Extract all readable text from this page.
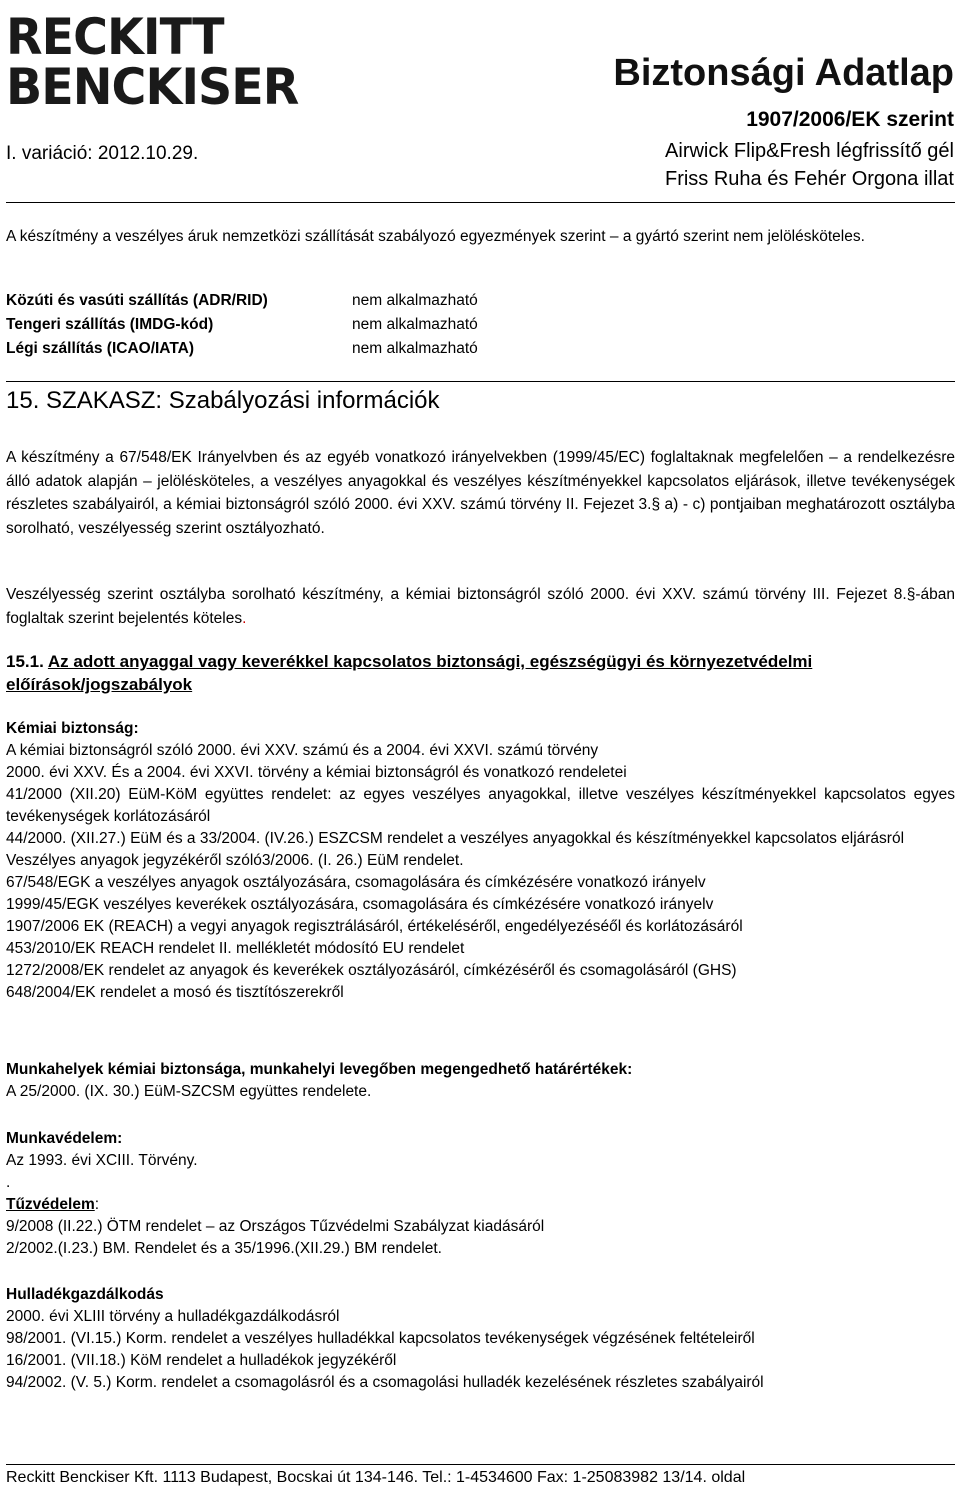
RECKITT
BENCKISER	Biztonsági Adatlap
1907/2006/EK szerint
I. variáció: 2012.10.29.	Airwick Flip&Fresh légfrissítő gél
Friss Ruha és Fehér Orgona illat

A készítmény a veszélyes áruk nemzetközi szállítását szabályozó egyezmények szerint – a gyártó szerint nem jelölésköteles.

Közúti és vasúti szállítás (ADR/RID)	nem alkalmazható
Tengeri szállítás (IMDG-kód)	nem alkalmazható
Légi szállítás (ICAO/IATA)	nem alkalmazható
15. SZAKASZ: Szabályozási információk

A készítmény a 67/548/EK Irányelvben és az egyéb vonatkozó irányelvekben (1999/45/EC) foglaltaknak megfelelően – a rendelkezésre álló adatok alapján – jelölésköteles, a veszélyes anyagokkal és veszélyes készítményekkel kapcsolatos eljárások, illetve tevékenységek részletes szabályairól, a kémiai biztonságról szóló 2000. évi XXV. számú törvény II. Fejezet 3.§ a) - c) pontjaiban meghatározott osztályba sorolható, veszélyesség szerint osztályozható.

Veszélyesség szerint osztályba sorolható készítmény, a kémiai biztonságról szóló 2000. évi XXV. számú törvény III. Fejezet 8.§-ában foglaltak szerint bejelentés köteles.

15.1. Az adott anyaggal vagy keverékkel kapcsolatos biztonsági, egészségügyi és környezetvédelmi előírások/jogszabályok
Kémiai biztonság:
A kémiai biztonságról szóló 2000. évi XXV. számú és a 2004. évi XXVI. számú törvény
2000. évi XXV. És a 2004. évi XXVI. törvény a kémiai biztonságról és vonatkozó rendeletei
41/2000 (XII.20) EüM-KöM együttes rendelet: az egyes veszélyes anyagokkal, illetve veszélyes készítményekkel kapcsolatos egyes tevékenységek korlátozásáról
44/2000. (XII.27.) EüM és a 33/2004. (IV.26.) ESZCSM rendelet a veszélyes anyagokkal és készítményekkel kapcsolatos eljárásról
Veszélyes anyagok jegyzékéről szóló3/2006. (I. 26.) EüM rendelet.
67/548/EGK a veszélyes anyagok osztályozására, csomagolására és címkézésére vonatkozó irányelv
1999/45/EGK veszélyes keverékek osztályozására, csomagolására és címkézésére vonatkozó irányelv
1907/2006 EK (REACH) a vegyi anyagok regisztrálásáról, értékeléséről, engedélyezéséől és korlátozásáról
453/2010/EK REACH rendelet II. mellékletét módosító EU rendelet
1272/2008/EK rendelet az anyagok és keverékek osztályozásáról, címkézéséről és csomagolásáról (GHS)
648/2004/EK rendelet a mosó és tisztítószerekről
Munkahelyek kémiai biztonsága, munkahelyi levegőben megengedhető határértékek:
A 25/2000. (IX. 30.) EüM-SZCSM együttes rendelete.
Munkavédelem:
Az 1993. évi XCIII. Törvény.
.
Tűzvédelem:
9/2008 (II.22.) ÖTM rendelet – az Országos Tűzvédelmi Szabályzat kiadásáról
2/2002.(I.23.) BM. Rendelet és a 35/1996.(XII.29.) BM rendelet.
Hulladékgazdálkodás
2000. évi XLIII törvény a hulladékgazdálkodásról
98/2001. (VI.15.) Korm. rendelet a veszélyes hulladékkal kapcsolatos tevékenységek végzésének feltételeiről
16/2001. (VII.18.) KöM rendelet a hulladékok jegyzékéről
94/2002. (V. 5.) Korm. rendelet a csomagolásról és a csomagolási hulladék kezelésének részletes szabályairól
Reckitt Benckiser Kft. 1113 Budapest, Bocskai út 134-146. Tel.: 1-4534600 Fax: 1-25083982 13/14. oldal
